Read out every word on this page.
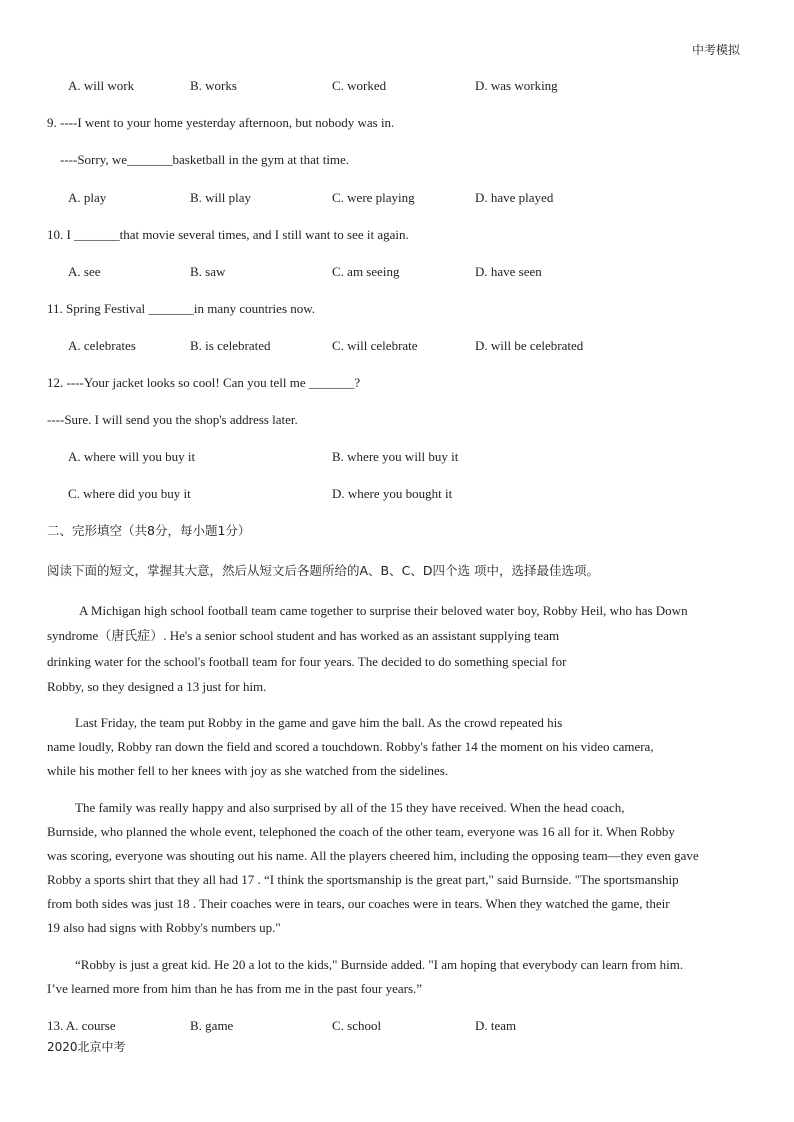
中考模拟
A. will work	B. works	C. worked	D. was working
9. ----I went to your home yesterday afternoon, but nobody was in.
----Sorry, we_______basketball in the gym at that time.
A. play	B. will play	C. were playing	D. have played
10. I _______that movie several times, and I still want to see it again.
A. see	B. saw	C. am seeing	D. have seen
11. Spring Festival _______in many countries now.
A. celebrates	B. is celebrated	C. will celebrate	D. will be celebrated
12. ----Your jacket looks so cool! Can you tell me _______?
----Sure. I will send you the shop's address later.
A. where will you buy it	B. where you will buy it
C. where did you buy it	D. where you bought it
二、完形填空（共8分，每小题1分）
阅读下面的短文，掌握其大意，然后从短文后各题所给的A、B、C、D四个选 项中，选择最佳选项。
A Michigan high school football team came together to surprise their beloved water boy, Robby Heil, who has Down
syndrome（唐氏症）. He's a senior school student and has worked as an assistant supplying team
drinking water for the school's football team for four years. The decided to do something special for
Robby, so they designed a 13 just for him.
Last Friday, the team put Robby in the game and gave him the ball. As the crowd repeated his
name loudly, Robby ran down the field and scored a touchdown. Robby's father 14 the moment on his video camera,
while his mother fell to her knees with joy as she watched from the sidelines.
The family was really happy and also surprised by all of the 15 they have received. When the head coach,
Burnside, who planned the whole event, telephoned the coach of the other team, everyone was 16 all for it. When Robby
was scoring, everyone was shouting out his name. All the players cheered him, including the opposing team—they even gave
Robby a sports shirt that they all had 17 . “I think the sportsmanship is the great part," said Burnside. "The sportsmanship
from both sides was just 18 . Their coaches were in tears, our coaches were in tears. When they watched the game, their
19 also had signs with Robby's numbers up."
“Robby is just a great kid. He 20 a lot to the kids," Burnside added. "I am hoping that everybody can learn from him.
I’ve learned more from him than he has from me in the past four years.”
13. A. course	B. game	C. school	D. team
2020北京中考
